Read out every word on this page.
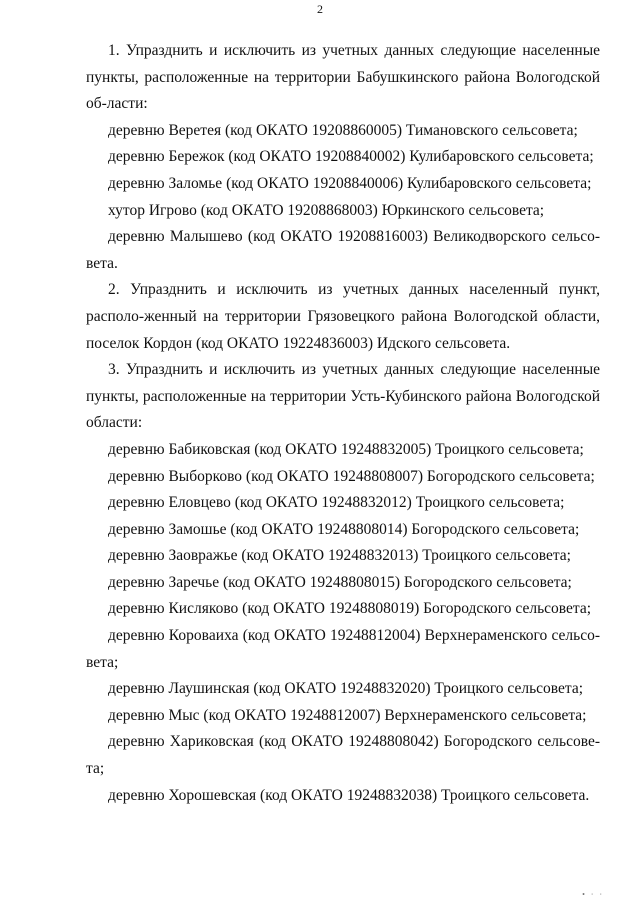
2

1. Упразднить и исключить из учетных данных следующие населенные пункты, расположенные на территории Бабушкинского района Вологодской об-ласти:

деревню Веретея (код ОКАТО 19208860005) Тимановского сельсовета;

деревню Бережок (код ОКАТО 19208840002) Кулибаровского сельсовета;

деревню Заломье (код ОКАТО 19208840006) Кулибаровского сельсовета;

хутор Игрово (код ОКАТО 19208868003) Юркинского сельсовета;

деревню Малышево (код ОКАТО 19208816003) Великодворского сельсо-вета.

2. Упразднить и исключить из учетных данных населенный пункт, располо-женный на территории Грязовецкого района Вологодской области, поселок Кордон (код ОКАТО 19224836003) Идского сельсовета.

3. Упразднить и исключить из учетных данных следующие населенные пункты, расположенные на территории Усть-Кубинского района Вологодской области:

деревню Бабиковская (код ОКАТО 19248832005) Троицкого сельсовета;

деревню Выборково (код ОКАТО 19248808007) Богородского сельсовета;

деревню Еловцево (код ОКАТО 19248832012) Троицкого сельсовета;

деревню Замошье (код ОКАТО 19248808014) Богородского сельсовета;

деревню Заовражье (код ОКАТО 19248832013) Троицкого сельсовета;

деревню Заречье (код ОКАТО 19248808015) Богородского сельсовета;

деревню Кисляково (код ОКАТО 19248808019) Богородского сельсовета;

деревню Коровaиха (код ОКАТО 19248812004) Верхнераменского сельсо-вета;

деревню Лаушинская (код ОКАТО 19248832020) Троицкого сельсовета;

деревню Мыс (код ОКАТО 19248812007) Верхнераменского сельсовета;

деревню Хариковская (код ОКАТО 19248808042) Богородского сельсове-та;

деревню Хорошевская (код ОКАТО 19248832038) Троицкого сельсовета.

• ‧ ‧
